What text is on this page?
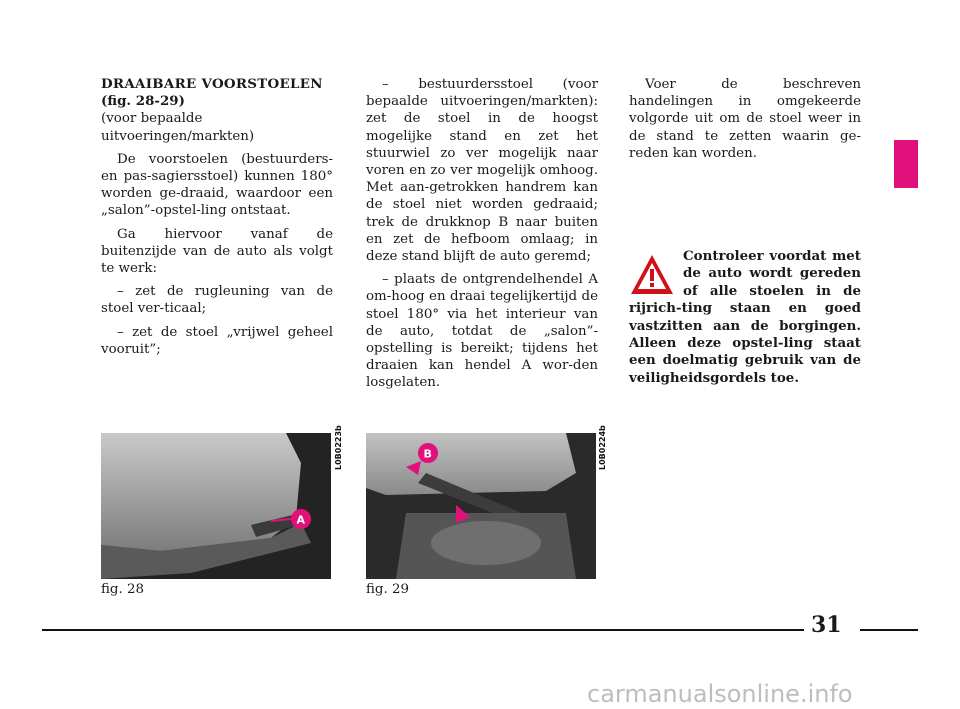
DRAAIBARE VOORSTOELEN
(fig. 28-29)
(voor bepaalde
uitvoeringen/markten)

De voorstoelen (bestuurders- en pas-sagiersstoel) kunnen 180° worden ge-draaid, waardoor een „salon”-opstel-ling ontstaat.

Ga hiervoor vanaf de buitenzijde van de auto als volgt te werk:

– zet de rugleuning van de stoel ver-ticaal;

– zet de stoel „vrijwel geheel vooruit”;

– bestuurdersstoel (voor bepaalde uitvoeringen/markten): zet de stoel in de hoogst mogelijke stand en zet het stuurwiel zo ver mogelijk naar voren en zo ver mogelijk omhoog. Met aan-getrokken handrem kan de stoel niet worden gedraaid; trek de drukknop B naar buiten en zet de hefboom omlaag; in deze stand blijft de auto geremd;

– plaats de ontgrendelhendel A om-hoog en draai tegelijkertijd de stoel 180° via het interieur van de auto, totdat de „salon”-opstelling is bereikt; tijdens het draaien kan hendel A wor-den losgelaten.

Voer de beschreven handelingen in omgekeerde volgorde uit om de stoel weer in de stand te zetten waarin ge-reden kan worden.

Controleer voordat met de auto wordt gereden of alle stoelen in de rijrich-ting staan en goed vastzitten aan de borgingen. Alleen deze opstel-ling staat een doelmatig gebruik van de veiligheidsgordels toe.
A
L0B0223b	B	L0B0224b
fig. 28	fig. 29
31
carmanualsonline.info
